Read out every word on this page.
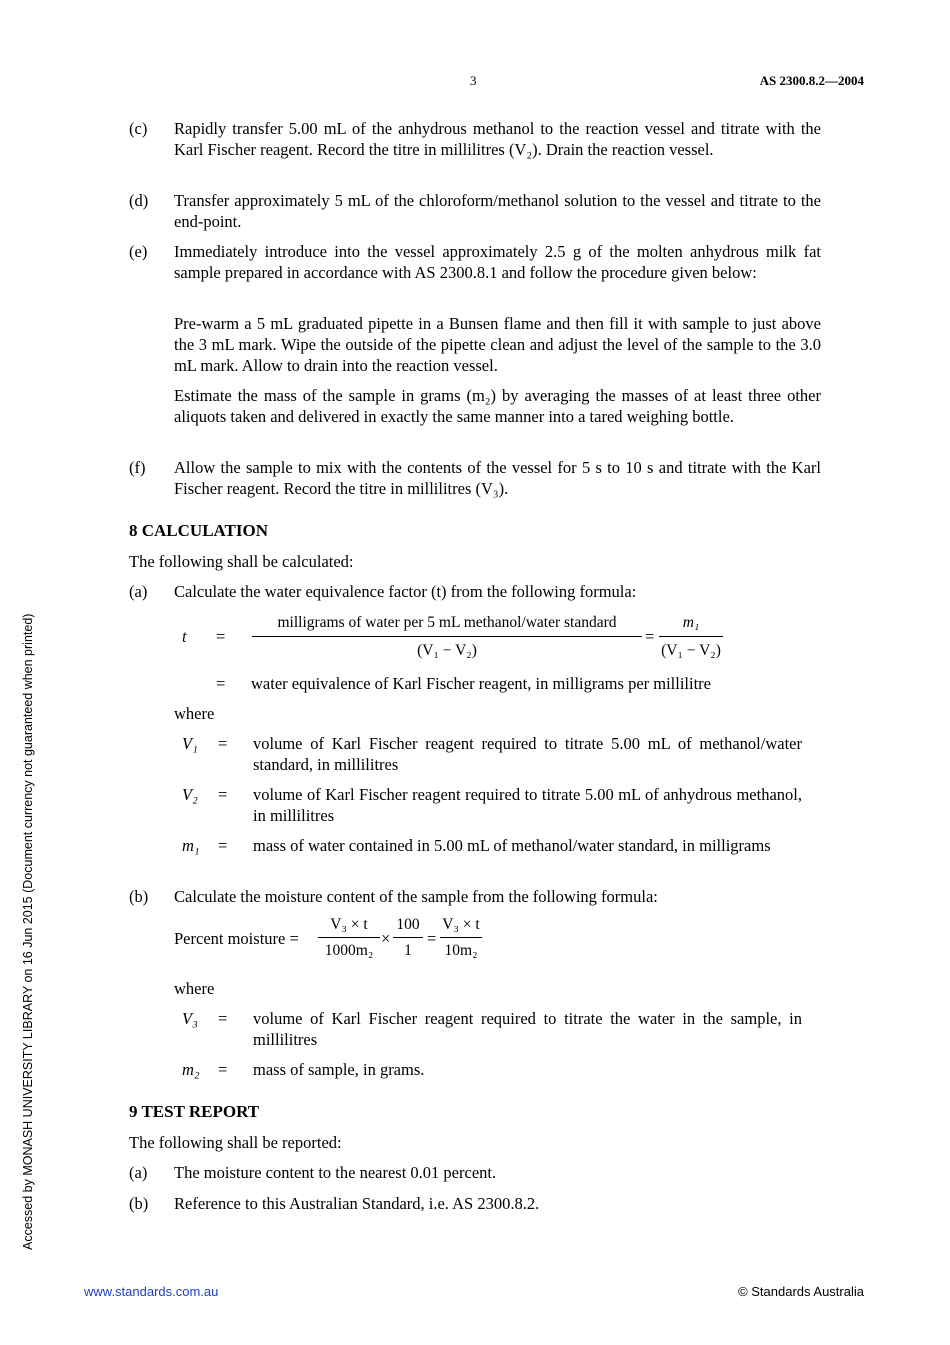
3	AS 2300.8.2—2004
Accessed by MONASH UNIVERSITY LIBRARY on 16 Jun 2015 (Document currency not guaranteed when printed)
(c) Rapidly transfer 5.00 mL of the anhydrous methanol to the reaction vessel and titrate with the Karl Fischer reagent. Record the titre in millilitres (V₂). Drain the reaction vessel.
(d) Transfer approximately 5 mL of the chloroform/methanol solution to the vessel and titrate to the end-point.
(e) Immediately introduce into the vessel approximately 2.5 g of the molten anhydrous milk fat sample prepared in accordance with AS 2300.8.1 and follow the procedure given below:
Pre-warm a 5 mL graduated pipette in a Bunsen flame and then fill it with sample to just above the 3 mL mark. Wipe the outside of the pipette clean and adjust the level of the sample to the 3.0 mL mark. Allow to drain into the reaction vessel.
Estimate the mass of the sample in grams (m₂) by averaging the masses of at least three other aliquots taken and delivered in exactly the same manner into a tared weighing bottle.
(f) Allow the sample to mix with the contents of the vessel for 5 s to 10 s and titrate with the Karl Fischer reagent. Record the titre in millilitres (V₃).
8 CALCULATION
The following shall be calculated:
(a) Calculate the water equivalence factor (t) from the following formula:
t =
milligrams of water per 5 mL methanol/water standard
(V₁ − V₂)
= $\frac{\text{m₁}}{\text{(V₁ − V₂)}}$
= water equivalence of Karl Fischer reagent, in milligrams per millilitre
where
V₁ = volume of Karl Fischer reagent required to titrate 5.00 mL of methanol/water standard, in millilitres
V₂ = volume of Karl Fischer reagent required to titrate 5.00 mL of anhydrous methanol, in millilitres
m₁ = mass of water contained in 5.00 mL of methanol/water standard, in milligrams
(b) Calculate the moisture content of the sample from the following formula:
Percent moisture = $\frac{\text{V₃ × t}}{\text{1000m₂}} \times \frac{100}{1} = \frac{\text{V₃ × t}}{\text{10m₂}}$
where
V₃ = volume of Karl Fischer reagent required to titrate the water in the sample, in millilitres
m₂ = mass of sample, in grams.
9 TEST REPORT
The following shall be reported:
(a) The moisture content to the nearest 0.01 percent.
(b) Reference to this Australian Standard, i.e. AS 2300.8.2.
www.standards.com.au	© Standards Australia
